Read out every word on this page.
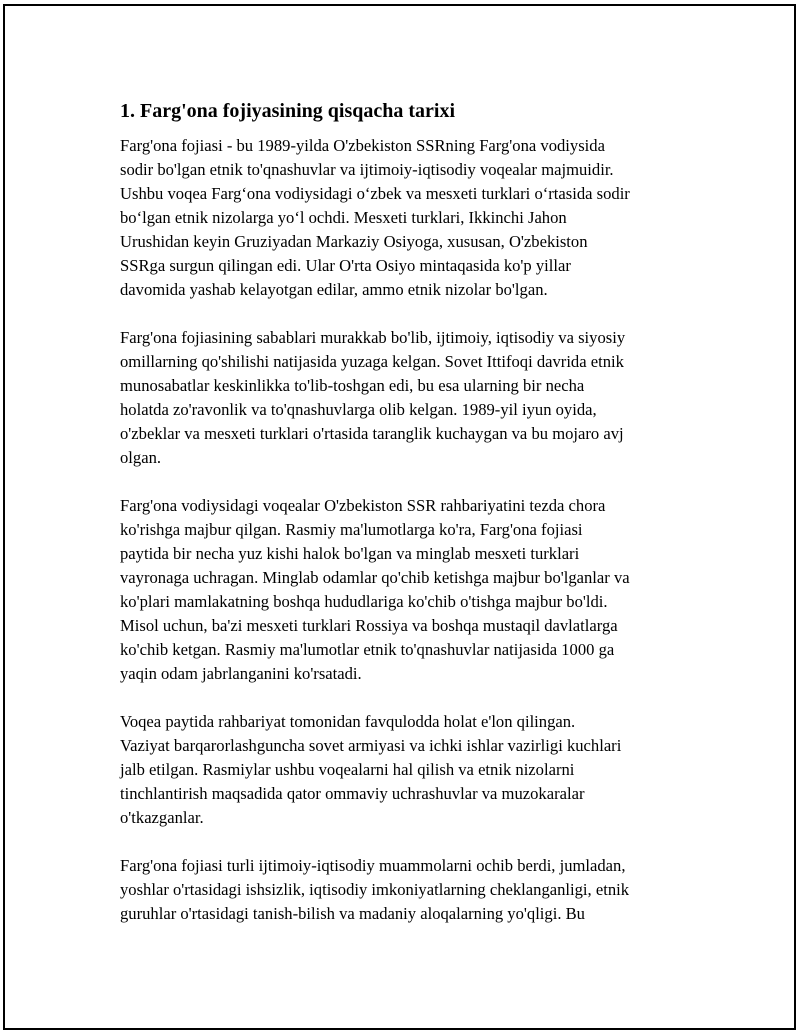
1. Farg'ona fojiyasining qisqacha tarixi

Farg'ona fojiasi - bu 1989-yilda O'zbekiston SSRning Farg'ona vodiysida
sodir bo'lgan etnik to'qnashuvlar va ijtimoiy-iqtisodiy voqealar majmuidir.
Ushbu voqea Farg‘ona vodiysidagi o‘zbek va mesxeti turklari o‘rtasida sodir
bo‘lgan etnik nizolarga yo‘l ochdi. Mesxeti turklari, Ikkinchi Jahon
Urushidan keyin Gruziyadan Markaziy Osiyoga, xususan, O'zbekiston
SSRga surgun qilingan edi. Ular O'rta Osiyo mintaqasida ko'p yillar
davomida yashab kelayotgan edilar, ammo etnik nizolar bo'lgan.

Farg'ona fojiasining sabablari murakkab bo'lib, ijtimoiy, iqtisodiy va siyosiy
omillarning qo'shilishi natijasida yuzaga kelgan. Sovet Ittifoqi davrida etnik
munosabatlar keskinlikka to'lib-toshgan edi, bu esa ularning bir necha
holatda zo'ravonlik va to'qnashuvlarga olib kelgan. 1989-yil iyun oyida,
o'zbeklar va mesxeti turklari o'rtasida taranglik kuchaygan va bu mojaro avj
olgan.

Farg'ona vodiysidagi voqealar O'zbekiston SSR rahbariyatini tezda chora
ko'rishga majbur qilgan. Rasmiy ma'lumotlarga ko'ra, Farg'ona fojiasi
paytida bir necha yuz kishi halok bo'lgan va minglab mesxeti turklari
vayronaga uchragan. Minglab odamlar qo'chib ketishga majbur bo'lganlar va
ko'plari mamlakatning boshqa hududlariga ko'chib o'tishga majbur bo'ldi.
Misol uchun, ba'zi mesxeti turklari Rossiya va boshqa mustaqil davlatlarga
ko'chib ketgan. Rasmiy ma'lumotlar etnik to'qnashuvlar natijasida 1000 ga
yaqin odam jabrlanganini ko'rsatadi.

Voqea paytida rahbariyat tomonidan favqulodda holat e'lon qilingan.
Vaziyat barqarorlashguncha sovet armiyasi va ichki ishlar vazirligi kuchlari
jalb etilgan. Rasmiylar ushbu voqealarni hal qilish va etnik nizolarni
tinchlantirish maqsadida qator ommaviy uchrashuvlar va muzokaralar
o'tkazganlar.

Farg'ona fojiasi turli ijtimoiy-iqtisodiy muammolarni ochib berdi, jumladan,
yoshlar o'rtasidagi ishsizlik, iqtisodiy imkoniyatlarning cheklanganligi, etnik
guruhlar o'rtasidagi tanish-bilish va madaniy aloqalarning yo'qligi. Bu
